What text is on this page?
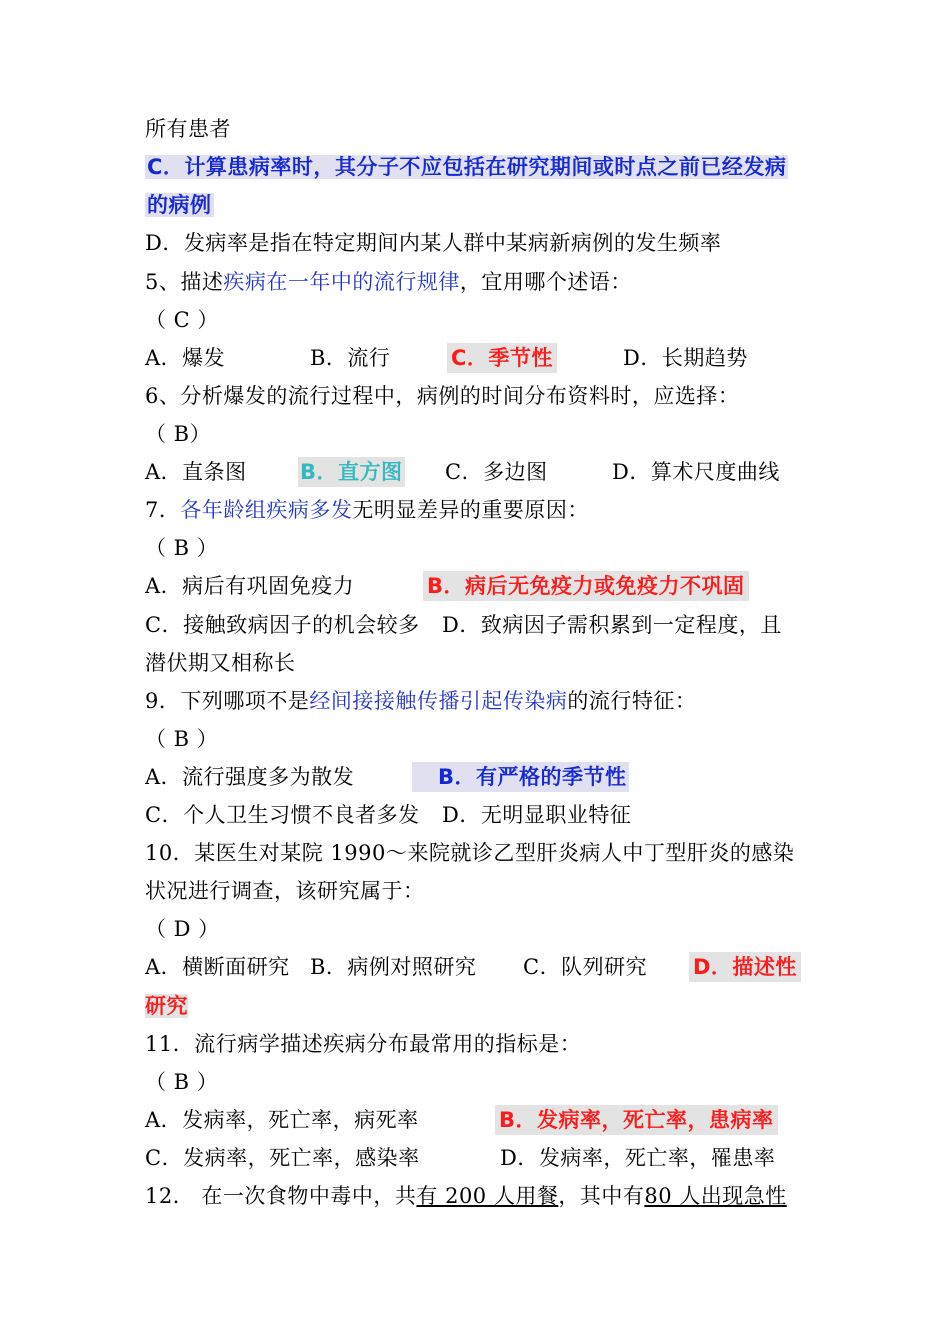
所有患者
C．计算患病率时，其分子不应包括在研究期间或时点之前已经发病
的病例
D．发病率是指在特定期间内某人群中某病新病例的发生频率
5、描述疾病在一年中的流行规律，宜用哪个述语：
（ C ）
A．爆发	B．流行	C．季节性	D．长期趋势
6、分析爆发的流行过程中，病例的时间分布资料时，应选择：
（ B）
A．直条图	B．直方图 C．多边图	D．算术尺度曲线
7．各年龄组疾病多发无明显差异的重要原因：
（ B ）
A．病后有巩固免疫力	B．病后无免疫力或免疫力不巩固
C．接触致病因子的机会较多 D．致病因子需积累到一定程度，且
潜伏期又相称长
9．下列哪项不是经间接接触传播引起传染病的流行特征：
（ B ）
A．流行强度多为散发	B．有严格的季节性
C．个人卫生习惯不良者多发 D．无明显职业特征
10．某医生对某院 1990～来院就诊乙型肝炎病人中丁型肝炎的感染
状况进行调查，该研究属于：
（ D ）
A．横断面研究 B．病例对照研究 C．队列研究 D．描述性
研究
11．流行病学描述疾病分布最常用的指标是：
（ B ）
A．发病率，死亡率，病死率	B．发病率，死亡率，患病率
C．发病率，死亡率，感染率	D．发病率，死亡率，罹患率
12． 在一次食物中毒中，共有 200 人用餐，其中有80 人出现急性
